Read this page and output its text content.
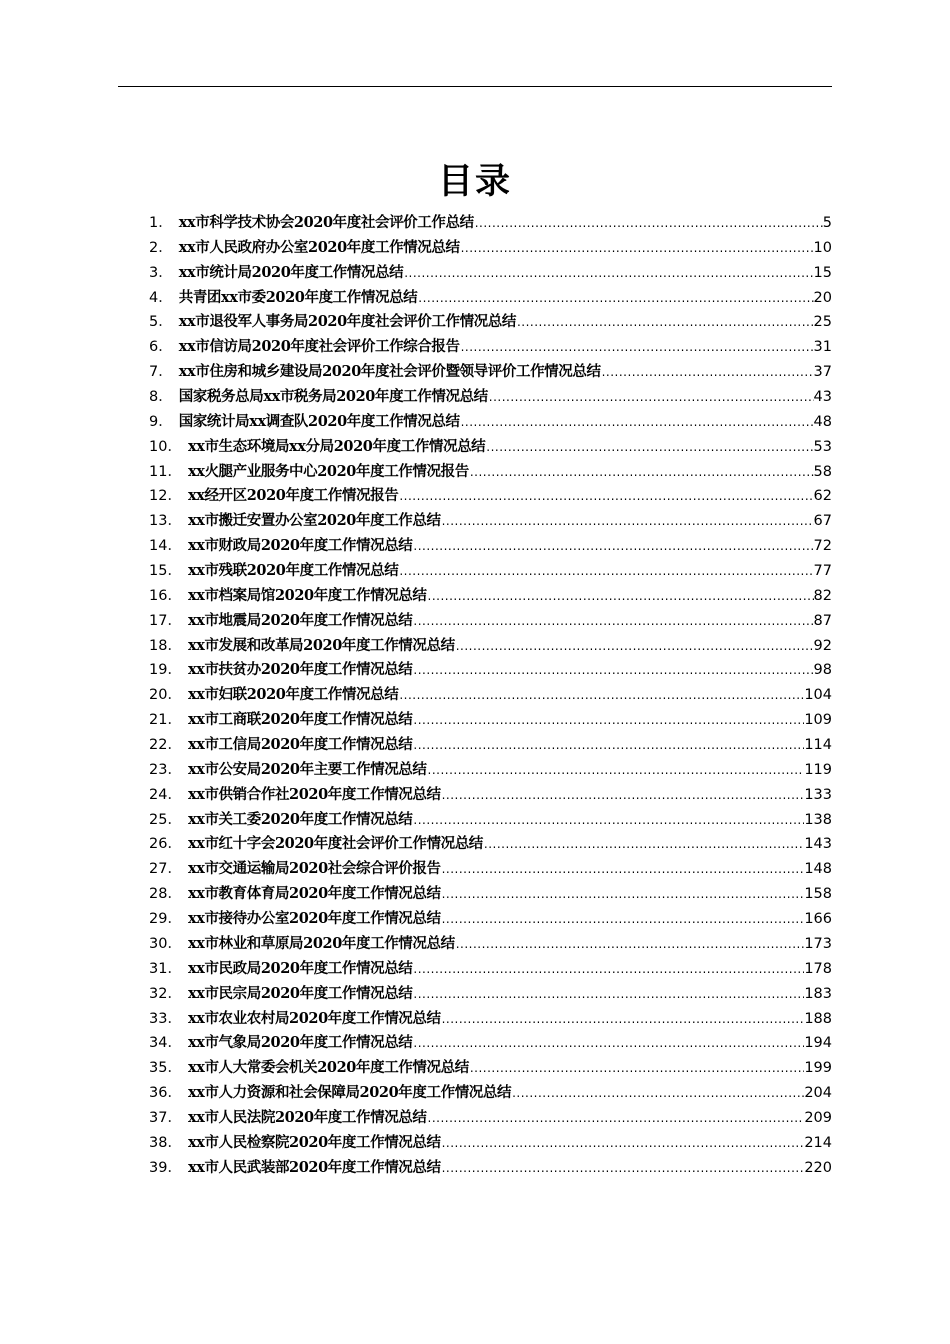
目录
1． xx市科学技术协会2020年度社会评价工作总结 .....	5
2． xx市人民政府办公室2020年度工作情况总结 .....	10
3． xx市统计局2020年度工作情况总结 .....	15
4． 共青团xx市委2020年度工作情况总结 .....	20
5． xx市退役军人事务局2020年度社会评价工作情况总结 .....	25
6． xx市信访局2020年度社会评价工作综合报告 .....	31
7． xx市住房和城乡建设局2020年度社会评价暨领导评价工作情况总结 .....	37
8． 国家税务总局xx市税务局2020年度工作情况总结 .....	43
9． 国家统计局xx调查队2020年度工作情况总结 .....	48
10． xx市生态环境局xx分局2020年度工作情况总结 .....	53
11． xx火腿产业服务中心2020年度工作情况报告 .....	58
12． xx经开区2020年度工作情况报告 .....	62
13． xx市搬迁安置办公室2020年度工作总结 .....	67
14． xx市财政局2020年度工作情况总结 .....	72
15． xx市残联2020年度工作情况总结 .....	77
16． xx市档案局馆2020年度工作情况总结 .....	82
17． xx市地震局2020年度工作情况总结 .....	87
18． xx市发展和改革局2020年度工作情况总结 .....	92
19． xx市扶贫办2020年度工作情况总结 .....	98
20． xx市妇联2020年度工作情况总结 .....	104
21． xx市工商联2020年度工作情况总结 .....	109
22． xx市工信局2020年度工作情况总结 .....	114
23． xx市公安局2020年主要工作情况总结 .....	119
24． xx市供销合作社2020年度工作情况总结 .....	133
25． xx市关工委2020年度工作情况总结 .....	138
26． xx市红十字会2020年度社会评价工作情况总结 .....	143
27． xx市交通运输局2020社会综合评价报告 .....	148
28． xx市教育体育局2020年度工作情况总结 .....	158
29． xx市接待办公室2020年度工作情况总结 .....	166
30． xx市林业和草原局2020年度工作情况总结 .....	173
31． xx市民政局2020年度工作情况总结 .....	178
32． xx市民宗局2020年度工作情况总结 .....	183
33． xx市农业农村局2020年度工作情况总结 .....	188
34． xx市气象局2020年度工作情况总结 .....	194
35． xx市人大常委会机关2020年度工作情况总结 .....	199
36． xx市人力资源和社会保障局2020年度工作情况总结 .....	204
37． xx市人民法院2020年度工作情况总结 .....	209
38． xx市人民检察院2020年度工作情况总结 .....	214
39． xx市人民武装部2020年度工作情况总结 .....	220
